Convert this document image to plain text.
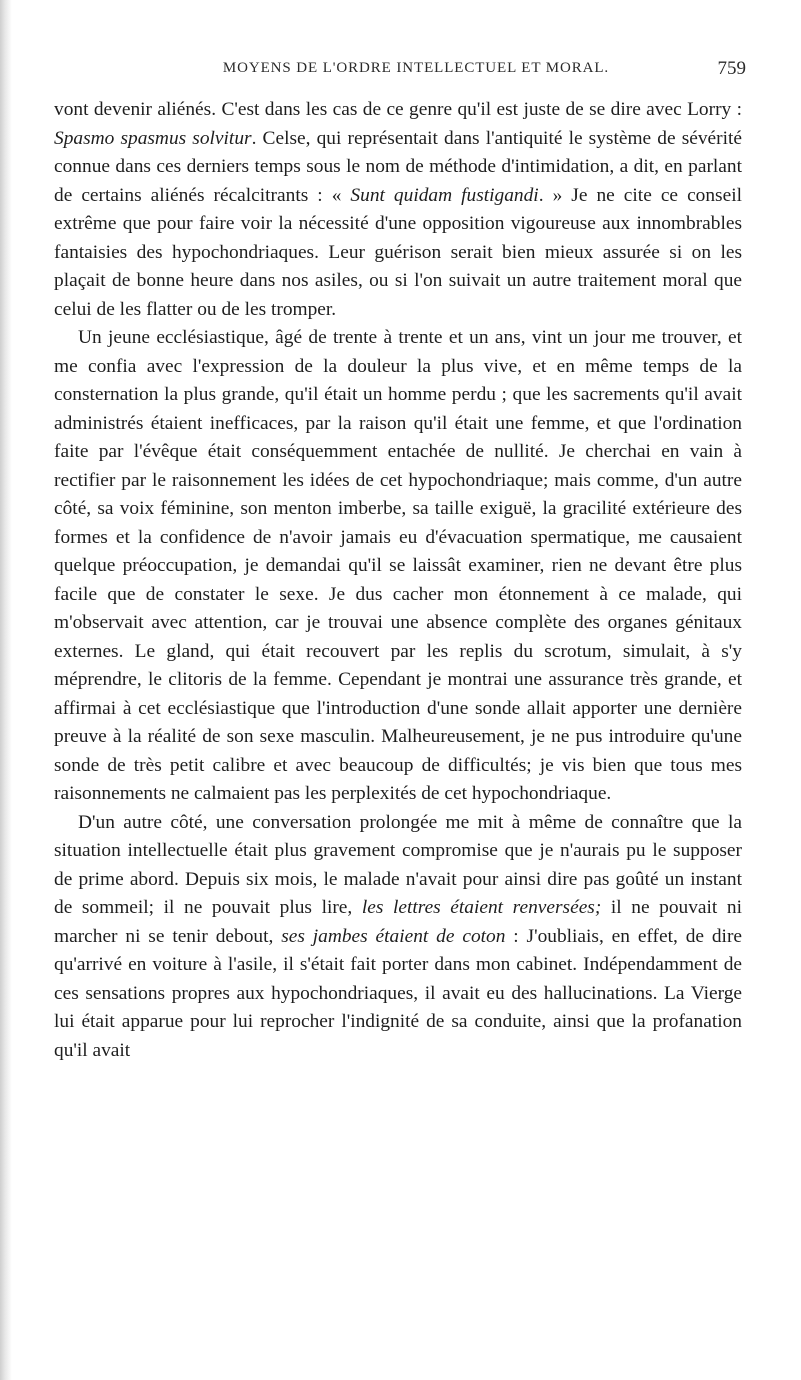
MOYENS DE L'ORDRE INTELLECTUEL ET MORAL.	759

vont devenir aliénés. C'est dans les cas de ce genre qu'il est juste de se dire avec Lorry : Spasmo spasmus solvitur. Celse, qui représentait dans l'antiquité le système de sévérité connue dans ces derniers temps sous le nom de méthode d'intimidation, a dit, en parlant de certains aliénés récalcitrants : « Sunt quidam fustigandi. » Je ne cite ce conseil extrême que pour faire voir la nécessité d'une opposition vigoureuse aux innombrables fantaisies des hypochondriaques. Leur guérison serait bien mieux assurée si on les plaçait de bonne heure dans nos asiles, ou si l'on suivait un autre traitement moral que celui de les flatter ou de les tromper.

Un jeune ecclésiastique, âgé de trente à trente et un ans, vint un jour me trouver, et me confia avec l'expression de la douleur la plus vive, et en même temps de la consternation la plus grande, qu'il était un homme perdu ; que les sacrements qu'il avait administrés étaient inefficaces, par la raison qu'il était une femme, et que l'ordination faite par l'évêque était conséquemment entachée de nullité. Je cherchai en vain à rectifier par le raisonnement les idées de cet hypochondriaque; mais comme, d'un autre côté, sa voix féminine, son menton imberbe, sa taille exiguë, la gracilité extérieure des formes et la confidence de n'avoir jamais eu d'évacuation spermatique, me causaient quelque préoccupation, je demandai qu'il se laissât examiner, rien ne devant être plus facile que de constater le sexe. Je dus cacher mon étonnement à ce malade, qui m'observait avec attention, car je trouvai une absence complète des organes génitaux externes. Le gland, qui était recouvert par les replis du scrotum, simulait, à s'y méprendre, le clitoris de la femme. Cependant je montrai une assurance très grande, et affirmai à cet ecclésiastique que l'introduction d'une sonde allait apporter une dernière preuve à la réalité de son sexe masculin. Malheureusement, je ne pus introduire qu'une sonde de très petit calibre et avec beaucoup de difficultés; je vis bien que tous mes raisonnements ne calmaient pas les perplexités de cet hypochondriaque.

D'un autre côté, une conversation prolongée me mit à même de connaître que la situation intellectuelle était plus gravement compromise que je n'aurais pu le supposer de prime abord. Depuis six mois, le malade n'avait pour ainsi dire pas goûté un instant de sommeil; il ne pouvait plus lire, les lettres étaient renversées; il ne pouvait ni marcher ni se tenir debout, ses jambes étaient de coton : J'oubliais, en effet, de dire qu'arrivé en voiture à l'asile, il s'était fait porter dans mon cabinet. Indépendamment de ces sensations propres aux hypochondriaques, il avait eu des hallucinations. La Vierge lui était apparue pour lui reprocher l'indignité de sa conduite, ainsi que la profanation qu'il avait
